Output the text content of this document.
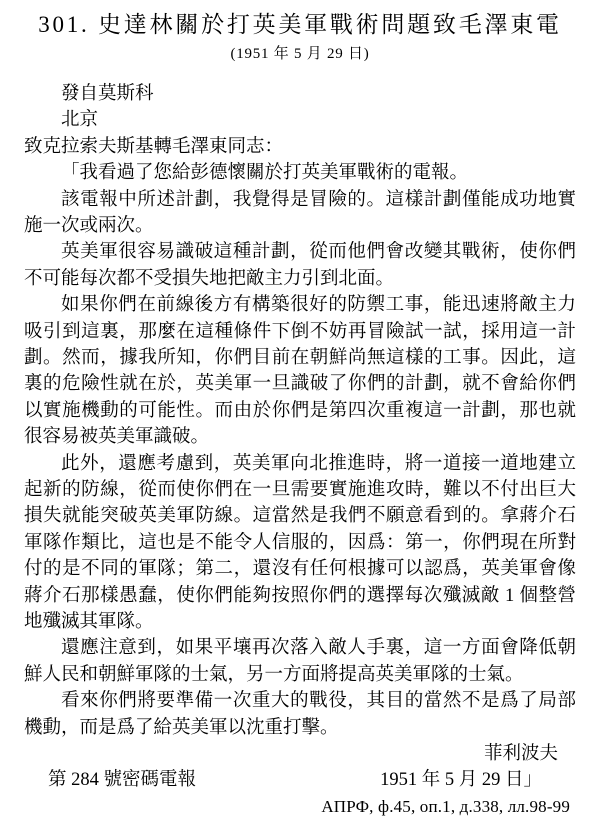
301. 史達林關於打英美軍戰術問題致毛澤東電
(1951 年 5 月 29 日)

發自莫斯科

北京

致克拉索夫斯基轉毛澤東同志：

「我看過了您給彭德懷關於打英美軍戰術的電報。

該電報中所述計劃，我覺得是冒險的。這樣計劃僅能成功地實施一次或兩次。

英美軍很容易識破這種計劃，從而他們會改變其戰術，使你們不可能每次都不受損失地把敵主力引到北面。

如果你們在前線後方有構築很好的防禦工事，能迅速將敵主力吸引到這裏，那麼在這種條件下倒不妨再冒險試一試，採用這一計劃。然而，據我所知，你們目前在朝鮮尚無這樣的工事。因此，這裏的危險性就在於，英美軍一旦識破了你們的計劃，就不會給你們以實施機動的可能性。而由於你們是第四次重複這一計劃，那也就很容易被英美軍識破。

此外，還應考慮到，英美軍向北推進時，將一道接一道地建立起新的防線，從而使你們在一旦需要實施進攻時，難以不付出巨大損失就能突破英美軍防線。這當然是我們不願意看到的。拿蔣介石軍隊作類比，這也是不能令人信服的，因爲：第一，你們現在所對付的是不同的軍隊；第二，還沒有任何根據可以認爲，英美軍會像蔣介石那樣愚蠢，使你們能夠按照你們的選擇每次殲滅敵 1 個整營地殲滅其軍隊。

還應注意到，如果平壤再次落入敵人手裏，這一方面會降低朝鮮人民和朝鮮軍隊的士氣，另一方面將提高英美軍隊的士氣。

看來你們將要準備一次重大的戰役，其目的當然不是爲了局部機動，而是爲了給英美軍以沈重打擊。

菲利波夫
第 284 號密碼電報	1951 年 5 月 29 日」
АПРФ, ф.45, оп.1, д.338, лл.98-99
